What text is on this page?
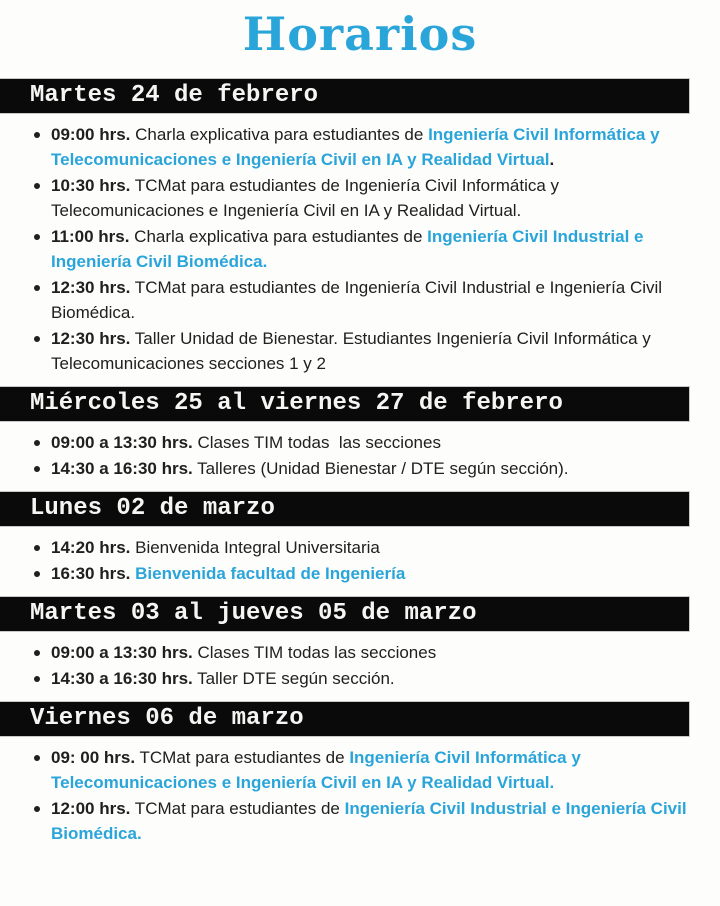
Horarios
Martes 24 de febrero
09:00 hrs. Charla explicativa para estudiantes de Ingeniería Civil Informática y Telecomunicaciones e Ingeniería Civil en IA y Realidad Virtual.
10:30 hrs. TCMat para estudiantes de Ingeniería Civil Informática y Telecomunicaciones e Ingeniería Civil en IA y Realidad Virtual.
11:00 hrs. Charla explicativa para estudiantes de Ingeniería Civil Industrial e Ingeniería Civil Biomédica.
12:30 hrs. TCMat para estudiantes de Ingeniería Civil Industrial e Ingeniería Civil Biomédica.
12:30 hrs. Taller Unidad de Bienestar. Estudiantes Ingeniería Civil Informática y Telecomunicaciones secciones 1 y 2
Miércoles 25 al viernes 27 de febrero
09:00 a 13:30 hrs. Clases TIM todas  las secciones
14:30 a 16:30 hrs. Talleres (Unidad Bienestar / DTE según sección).
Lunes 02 de marzo
14:20 hrs. Bienvenida Integral Universitaria
16:30 hrs. Bienvenida facultad de Ingeniería
Martes 03 al jueves 05 de marzo
09:00 a 13:30 hrs. Clases TIM todas las secciones
14:30 a 16:30 hrs. Taller DTE según sección.
Viernes 06 de marzo
09: 00 hrs. TCMat para estudiantes de Ingeniería Civil Informática y Telecomunicaciones e Ingeniería Civil en IA y Realidad Virtual.
12:00 hrs. TCMat para estudiantes de Ingeniería Civil Industrial e Ingeniería Civil Biomédica.
